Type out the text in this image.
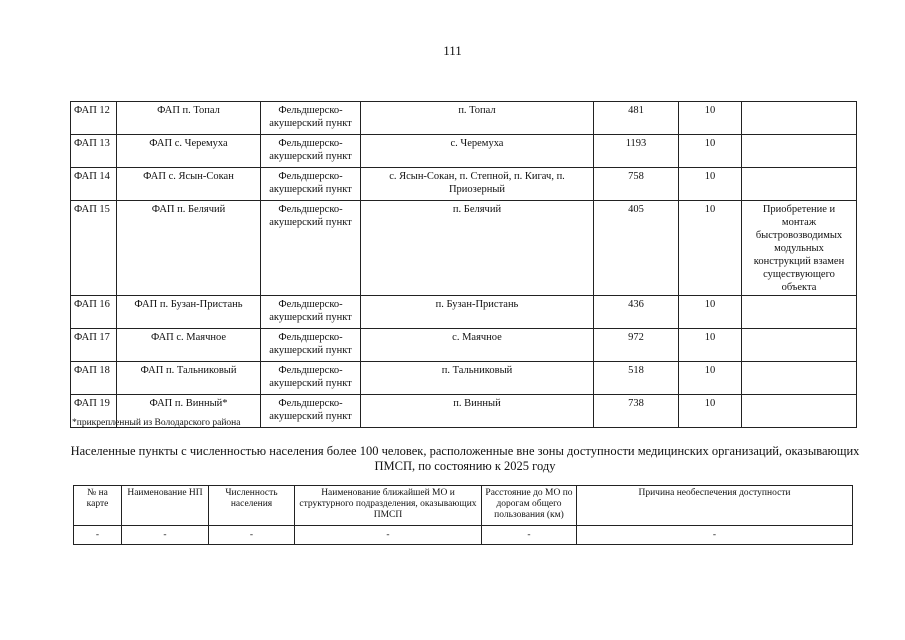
111
ФАП 12	ФАП п. Топал	Фельдшерско-акушерский пункт	п. Топал	481	10	
ФАП 13	ФАП с. Черемуха	Фельдшерско-акушерский пункт	с. Черемуха	1193	10	
ФАП 14	ФАП с. Ясын-Сокан	Фельдшерско-акушерский пункт	с. Ясын-Сокан, п. Степной, п. Кигач, п. Приозерный	758	10	
ФАП 15	ФАП п. Белячий	Фельдшерско-акушерский пункт	п. Белячий	405	10	Приобретение и монтаж быстровозводимых модульных конструкций взамен существующего объекта
ФАП 16	ФАП п. Бузан-Пристань	Фельдшерско-акушерский пункт	п. Бузан-Пристань	436	10	
ФАП 17	ФАП с. Маячное	Фельдшерско-акушерский пункт	с. Маячное	972	10	
ФАП 18	ФАП п. Тальниковый	Фельдшерско-акушерский пункт	п. Тальниковый	518	10	
ФАП 19	ФАП п. Винный*	Фельдшерско-акушерский пункт	п. Винный	738	10	
*прикрепленный из Володарского района
Населенные пункты с численностью населения более 100 человек, расположенные вне зоны доступности медицинских организаций, оказывающих ПМСП, по состоянию к 2025 году
№ на карте	Наименование НП	Численность населения	Наименование ближайшей МО и структурного подразделения, оказывающих ПМСП	Расстояние до МО по дорогам общего пользования (км)	Причина необеспечения доступности
-	-	-	-	-	-
